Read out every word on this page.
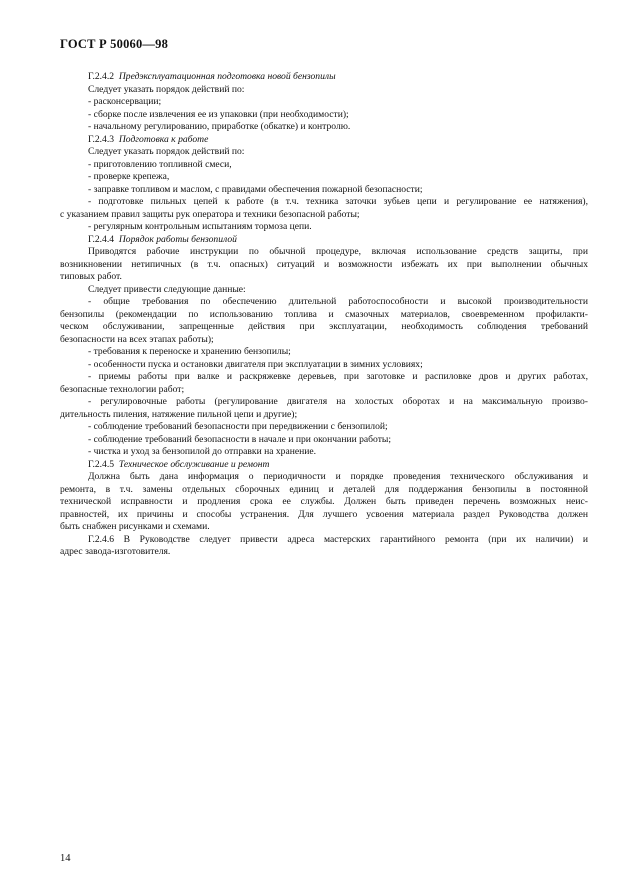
ГОСТ Р 50060—98
Г.2.4.2 Предэксплуатационная подготовка новой бензопилы
Следует указать порядок действий по:
- расконсервации;
- сборке после извлечения ее из упаковки (при необходимости);
- начальному регулированию, приработке (обкатке) и контролю.
Г.2.4.3 Подготовка к работе
Следует указать порядок действий по:
- приготовлению топливной смеси,
- проверке крепежа,
- заправке топливом и маслом, с правидами обеспечения пожарной безопасности;
- подготовке пильных цепей к работе (в т.ч. техника заточки зубьев цепи и регулирование ее натяжения),
с указанием правил защиты рук оператора и техники безопасной работы;
- регулярным контрольным испытаниям тормоза цепи.
Г.2.4.4 Порядок работы бензопилой
Приводятся рабочие инструкции по обычной процедуре, включая использование средств защиты, при
возникновении нетипичных (в т.ч. опасных) ситуаций и возможности избежать их при выполнении обычных
типовых работ.
Следует привести следующие данные:
- общие требования по обеспечению длительной работоспособности и высокой производительности
бензопилы (рекомендации по использованию топлива и смазочных материалов, своевременном профилакти-
ческом обслуживании, запрещенные действия при эксплуатации, необходимость соблюдения требований
безопасности на всех этапах работы);
- требования к переноске и хранению бензопилы;
- особенности пуска и остановки двигателя при эксплуатации в зимних условиях;
- приемы работы при валке и раскряжевке деревьев, при заготовке и распиловке дров и других работах,
безопасные технологии работ;
- регулировочные работы (регулирование двигателя на холостых оборотах и на максимальную произво-
дительность пиления, натяжение пильной цепи и другие);
- соблюдение требований безопасности при передвижении с бензопилой;
- соблюдение требований безопасности в начале и при окончании работы;
- чистка и уход за бензопилой до отправки на хранение.
Г.2.4.5 Техническое обслуживание и ремонт
Должна быть дана информация о периодичности и порядке проведения технического обслуживания и
ремонта, в т.ч. замены отдельных сборочных единиц и деталей для поддержания бензопилы в постоянной
технической исправности и продления срока ее службы. Должен быть приведен перечень возможных неис-
правностей, их причины и способы устранения. Для лучшего усвоения материала раздел Руководства должен
быть снабжен рисунками и схемами.
Г.2.4.6 В Руководстве следует привести адреса мастерских гарантийного ремонта (при их наличии) и
адрес завода-изготовителя.
14
